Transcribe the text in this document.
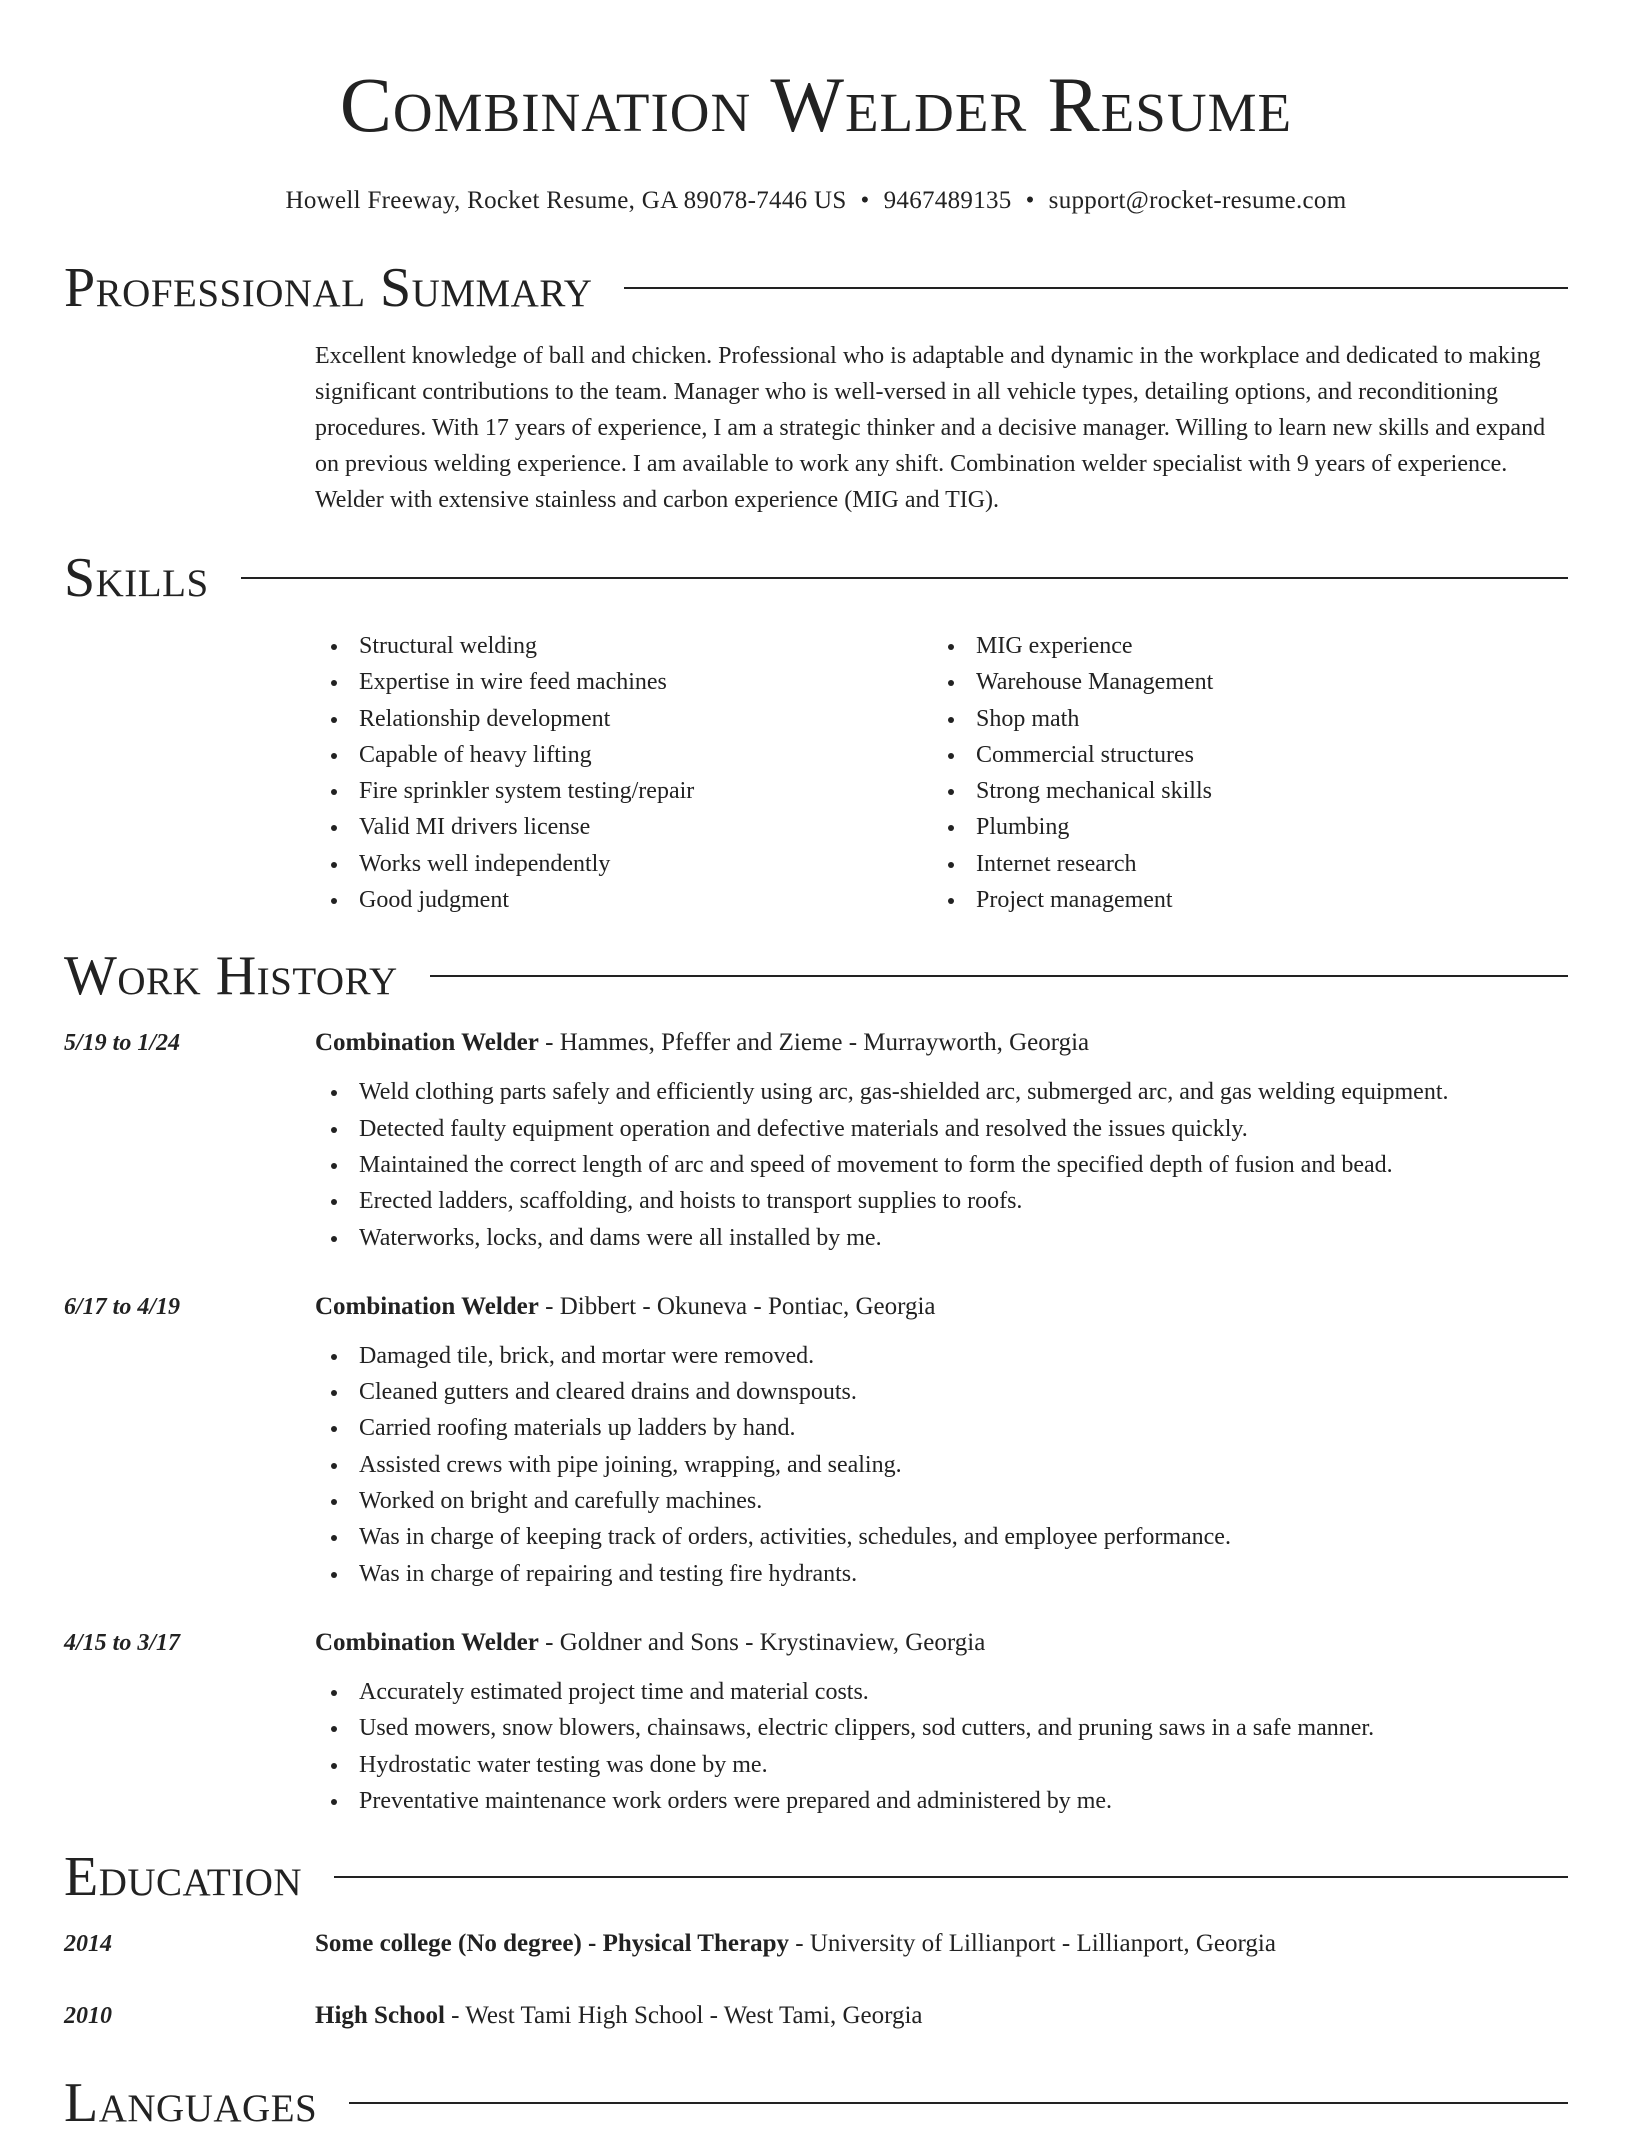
Combination Welder Resume
Howell Freeway, Rocket Resume, GA 89078-7446 US • 9467489135 • support@rocket-resume.com
Professional Summary

Excellent knowledge of ball and chicken. Professional who is adaptable and dynamic in the workplace and dedicated to making significant contributions to the team. Manager who is well-versed in all vehicle types, detailing options, and reconditioning procedures. With 17 years of experience, I am a strategic thinker and a decisive manager. Willing to learn new skills and expand on previous welding experience. I am available to work any shift. Combination welder specialist with 9 years of experience. Welder with extensive stainless and carbon experience (MIG and TIG).

Skills
Structural welding
Expertise in wire feed machines
Relationship development
Capable of heavy lifting
Fire sprinkler system testing/repair
Valid MI drivers license
Works well independently
Good judgment
MIG experience
Warehouse Management
Shop math
Commercial structures
Strong mechanical skills
Plumbing
Internet research
Project management
Work History
5/19 to 1/24	Combination Welder - Hammes, Pfeffer and Zieme - Murrayworth, Georgia
Weld clothing parts safely and efficiently using arc, gas-shielded arc, submerged arc, and gas welding equipment.
Detected faulty equipment operation and defective materials and resolved the issues quickly.
Maintained the correct length of arc and speed of movement to form the specified depth of fusion and bead.
Erected ladders, scaffolding, and hoists to transport supplies to roofs.
Waterworks, locks, and dams were all installed by me.
6/17 to 4/19	Combination Welder - Dibbert - Okuneva - Pontiac, Georgia
Damaged tile, brick, and mortar were removed.
Cleaned gutters and cleared drains and downspouts.
Carried roofing materials up ladders by hand.
Assisted crews with pipe joining, wrapping, and sealing.
Worked on bright and carefully machines.
Was in charge of keeping track of orders, activities, schedules, and employee performance.
Was in charge of repairing and testing fire hydrants.
4/15 to 3/17	Combination Welder - Goldner and Sons - Krystinaview, Georgia
Accurately estimated project time and material costs.
Used mowers, snow blowers, chainsaws, electric clippers, sod cutters, and pruning saws in a safe manner.
Hydrostatic water testing was done by me.
Preventative maintenance work orders were prepared and administered by me.
Education
2014	Some college (No degree) - Physical Therapy - University of Lillianport - Lillianport, Georgia
2010	High School - West Tami High School - West Tami, Georgia
Languages
